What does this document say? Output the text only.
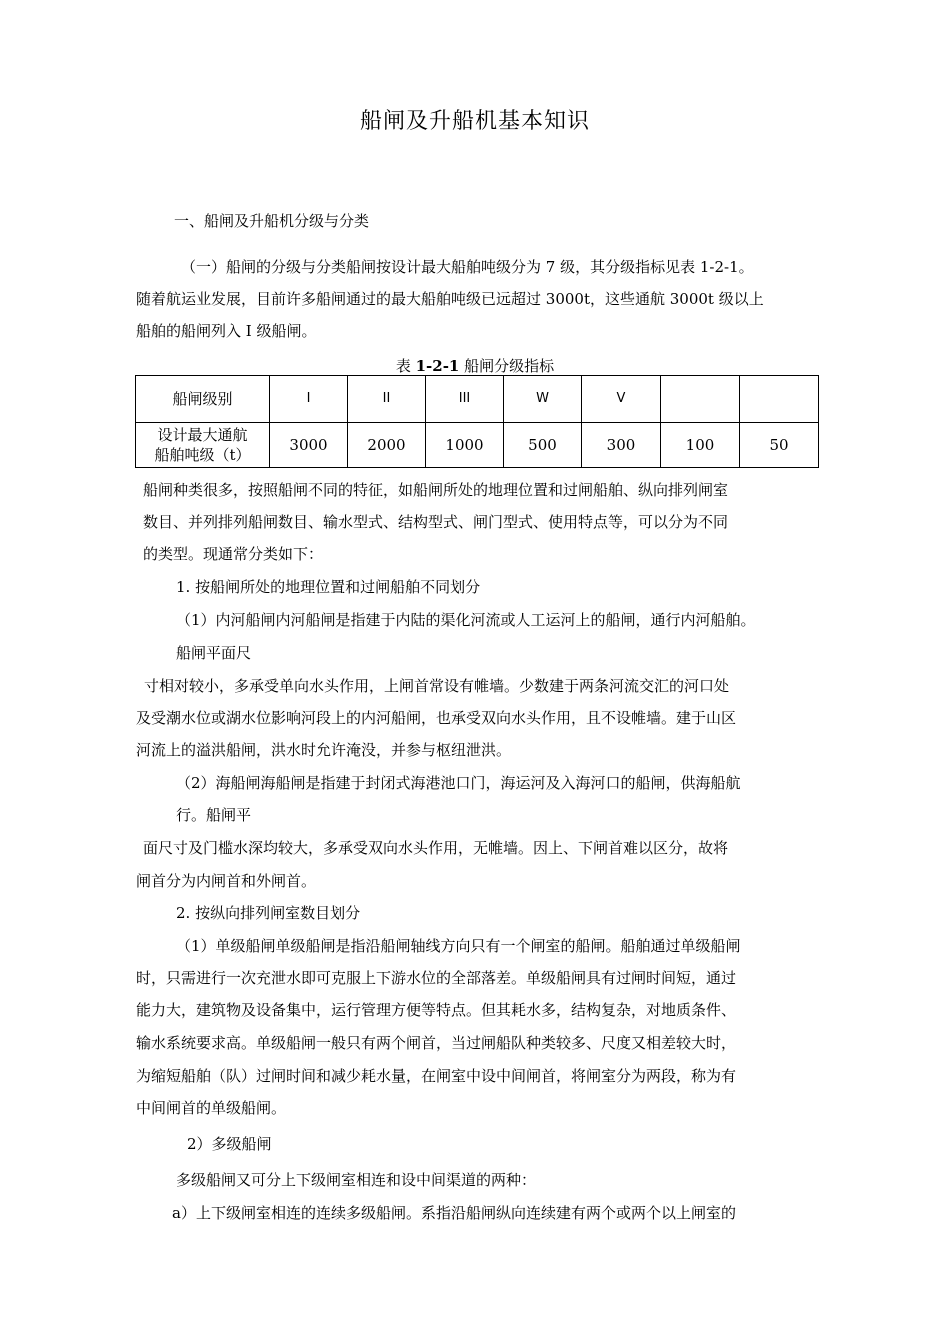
船闸及升船机基本知识
一、船闸及升船机分级与分类
（一）船闸的分级与分类船闸按设计最大船舶吨级分为 7 级，其分级指标见表 1-2-1。
随着航运业发展，目前许多船闸通过的最大船舶吨级已远超过 3000t，这些通航 3000t 级以上
船舶的船闸列入 I 级船闸。
表 1-2-1 船闸分级指标
船闸级别	I	II	III	W	V		
设计最大通航
船舶吨级（t）	3000	2000	1000	500	300	100	50
船闸种类很多，按照船闸不同的特征，如船闸所处的地理位置和过闸船舶、纵向排列闸室
数目、并列排列船闸数目、输水型式、结构型式、闸门型式、使用特点等，可以分为不同
的类型。现通常分类如下：
1. 按船闸所处的地理位置和过闸船舶不同划分
（1）内河船闸内河船闸是指建于内陆的渠化河流或人工运河上的船闸，通行内河船舶。
船闸平面尺
寸相对较小，多承受单向水头作用，上闸首常设有帷墙。少数建于两条河流交汇的河口处
及受潮水位或湖水位影响河段上的内河船闸，也承受双向水头作用，且不设帷墙。建于山区
河流上的溢洪船闸，洪水时允许淹没，并参与枢纽泄洪。
（2）海船闸海船闸是指建于封闭式海港池口门，海运河及入海河口的船闸，供海船航
行。船闸平
面尺寸及门槛水深均较大，多承受双向水头作用，无帷墙。因上、下闸首难以区分，故将
闸首分为内闸首和外闸首。
2. 按纵向排列闸室数目划分
（1）单级船闸单级船闸是指沿船闸轴线方向只有一个闸室的船闸。船舶通过单级船闸
时，只需进行一次充泄水即可克服上下游水位的全部落差。单级船闸具有过闸时间短，通过
能力大，建筑物及设备集中，运行管理方便等特点。但其耗水多，结构复杂，对地质条件、
输水系统要求高。单级船闸一般只有两个闸首，当过闸船队种类较多、尺度又相差较大时，
为缩短船舶（队）过闸时间和减少耗水量，在闸室中设中间闸首，将闸室分为两段，称为有
中间闸首的单级船闸。
2）多级船闸
多级船闸又可分上下级闸室相连和设中间渠道的两种：
a）上下级闸室相连的连续多级船闸。系指沿船闸纵向连续建有两个或两个以上闸室的
